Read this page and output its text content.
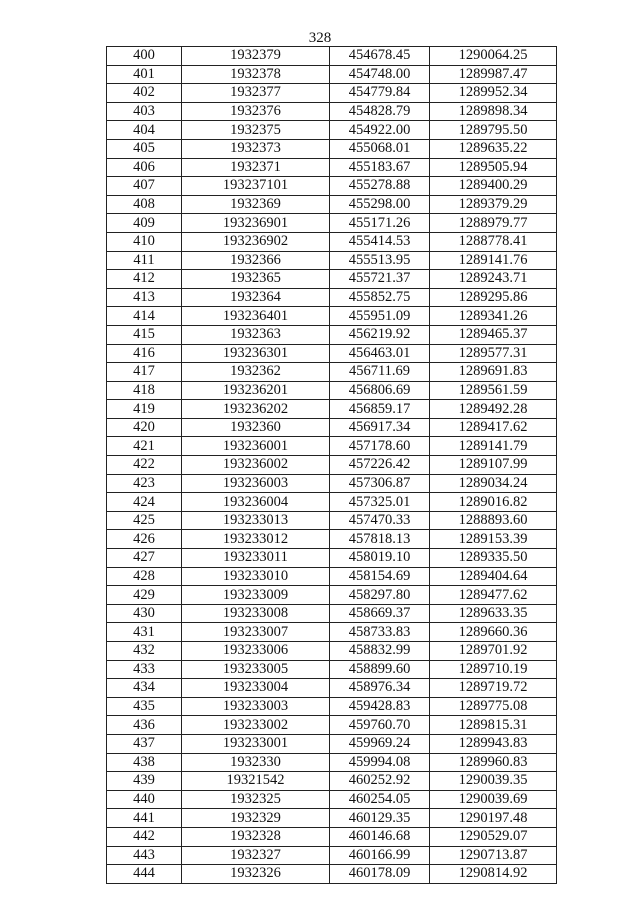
328
400	1932379	454678.45	1290064.25
401	1932378	454748.00	1289987.47
402	1932377	454779.84	1289952.34
403	1932376	454828.79	1289898.34
404	1932375	454922.00	1289795.50
405	1932373	455068.01	1289635.22
406	1932371	455183.67	1289505.94
407	193237101	455278.88	1289400.29
408	1932369	455298.00	1289379.29
409	193236901	455171.26	1288979.77
410	193236902	455414.53	1288778.41
411	1932366	455513.95	1289141.76
412	1932365	455721.37	1289243.71
413	1932364	455852.75	1289295.86
414	193236401	455951.09	1289341.26
415	1932363	456219.92	1289465.37
416	193236301	456463.01	1289577.31
417	1932362	456711.69	1289691.83
418	193236201	456806.69	1289561.59
419	193236202	456859.17	1289492.28
420	1932360	456917.34	1289417.62
421	193236001	457178.60	1289141.79
422	193236002	457226.42	1289107.99
423	193236003	457306.87	1289034.24
424	193236004	457325.01	1289016.82
425	193233013	457470.33	1288893.60
426	193233012	457818.13	1289153.39
427	193233011	458019.10	1289335.50
428	193233010	458154.69	1289404.64
429	193233009	458297.80	1289477.62
430	193233008	458669.37	1289633.35
431	193233007	458733.83	1289660.36
432	193233006	458832.99	1289701.92
433	193233005	458899.60	1289710.19
434	193233004	458976.34	1289719.72
435	193233003	459428.83	1289775.08
436	193233002	459760.70	1289815.31
437	193233001	459969.24	1289943.83
438	1932330	459994.08	1289960.83
439	19321542	460252.92	1290039.35
440	1932325	460254.05	1290039.69
441	1932329	460129.35	1290197.48
442	1932328	460146.68	1290529.07
443	1932327	460166.99	1290713.87
444	1932326	460178.09	1290814.92
